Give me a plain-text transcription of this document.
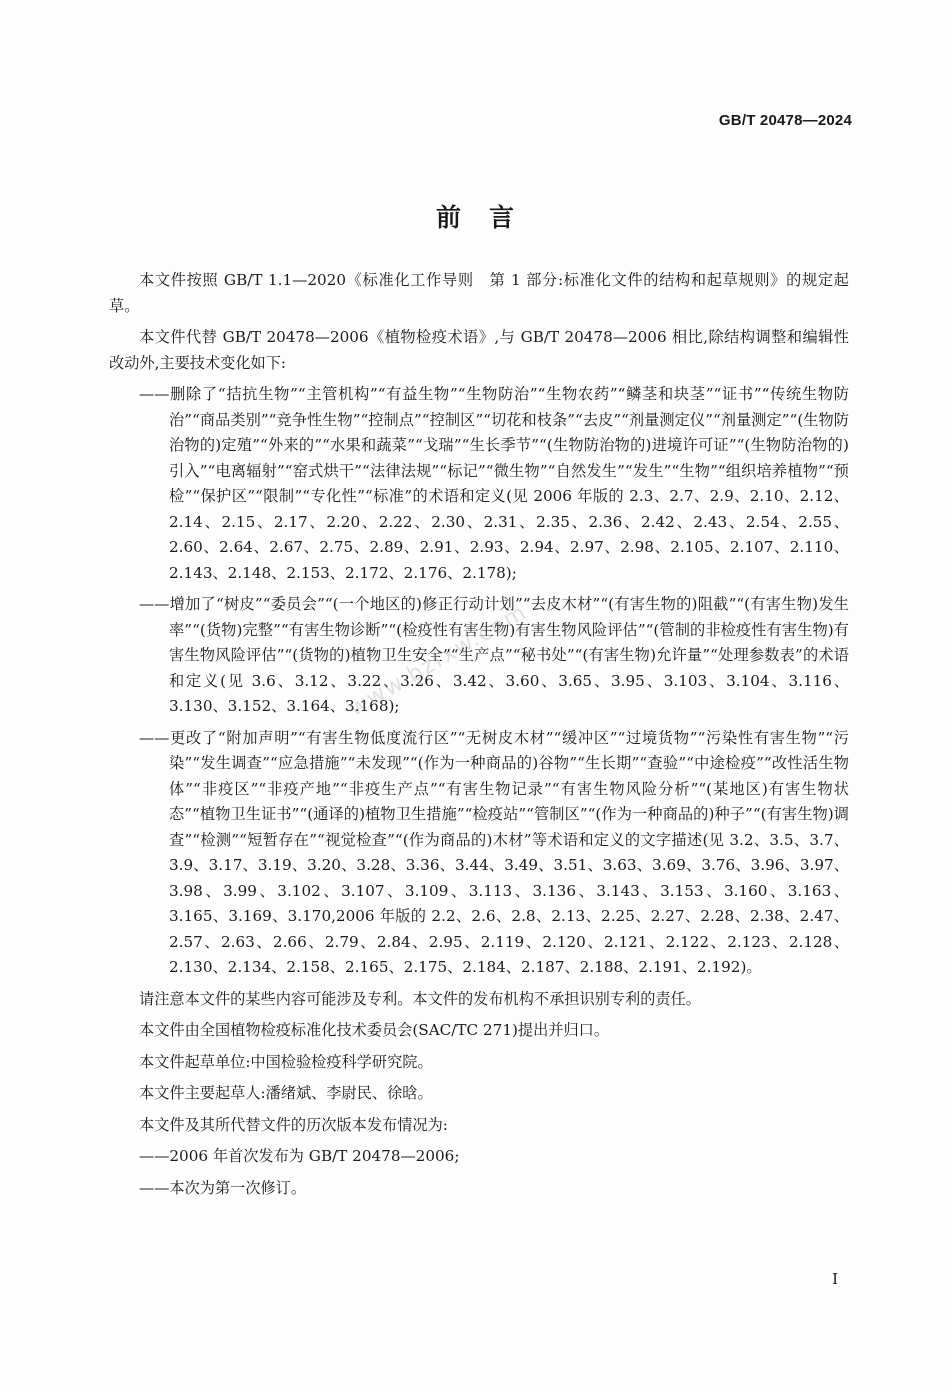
GB/T 20478—2024
前言

本文件按照 GB/T 1.1—2020《标准化工作导则　第 1 部分:标准化文件的结构和起草规则》的规定起草。

本文件代替 GB/T 20478—2006《植物检疫术语》,与 GB/T 20478—2006 相比,除结构调整和编辑性改动外,主要技术变化如下:

——删除了“拮抗生物”“主管机构”“有益生物”“生物防治”“生物农药”“鳞茎和块茎”“证书”“传统生物防治”“商品类别”“竞争性生物”“控制点”“控制区”“切花和枝条”“去皮”“剂量测定仪”“剂量测定”“(生物防治物的)定殖”“外来的”“水果和蔬菜”“戈瑞”“生长季节”“(生物防治物的)进境许可证”“(生物防治物的)引入”“电离辐射”“窑式烘干”“法律法规”“标记”“微生物”“自然发生”“发生”“生物”“组织培养植物”“预检”“保护区”“限制”“专化性”“标准”的术语和定义(见 2006 年版的 2.3、2.7、2.9、2.10、2.12、2.14、2.15、2.17、2.20、2.22、2.30、2.31、2.35、2.36、2.42、2.43、2.54、2.55、2.60、2.64、2.67、2.75、2.89、2.91、2.93、2.94、2.97、2.98、2.105、2.107、2.110、2.143、2.148、2.153、2.172、2.176、2.178);

——增加了“树皮”“委员会”“(一个地区的)修正行动计划”“去皮木材”“(有害生物的)阻截”“(有害生物)发生率”“(货物)完整”“有害生物诊断”“(检疫性有害生物)有害生物风险评估”“(管制的非检疫性有害生物)有害生物风险评估”“(货物的)植物卫生安全”“生产点”“秘书处”“(有害生物)允许量”“处理参数表”的术语和定义(见 3.6、3.12、3.22、3.26、3.42、3.60、3.65、3.95、3.103、3.104、3.116、3.130、3.152、3.164、3.168);

——更改了“附加声明”“有害生物低度流行区”“无树皮木材”“缓冲区”“过境货物”“污染性有害生物”“污染”“发生调查”“应急措施”“未发现”“(作为一种商品的)谷物”“生长期”“查验”“中途检疫”“改性活生物体”“非疫区”“非疫产地”“非疫生产点”“有害生物记录”“有害生物风险分析”“(某地区)有害生物状态”“植物卫生证书”“(通译的)植物卫生措施”“检疫站”“管制区”“(作为一种商品的)种子”“(有害生物)调查”“检测”“短暂存在”“视觉检查”“(作为商品的)木材”等术语和定义的文字描述(见 3.2、3.5、3.7、3.9、3.17、3.19、3.20、3.28、3.36、3.44、3.49、3.51、3.63、3.69、3.76、3.96、3.97、3.98、3.99、3.102、3.107、3.109、3.113、3.136、3.143、3.153、3.160、3.163、3.165、3.169、3.170,2006 年版的 2.2、2.6、2.8、2.13、2.25、2.27、2.28、2.38、2.47、2.57、2.63、2.66、2.79、2.84、2.95、2.119、2.120、2.121、2.122、2.123、2.128、2.130、2.134、2.158、2.165、2.175、2.184、2.187、2.188、2.191、2.192)。

请注意本文件的某些内容可能涉及专利。本文件的发布机构不承担识别专利的责任。

本文件由全国植物检疫标准化技术委员会(SAC/TC 271)提出并归口。

本文件起草单位:中国检验检疫科学研究院。

本文件主要起草人:潘绪斌、李尉民、徐晗。

本文件及其所代替文件的历次版本发布情况为:

——2006 年首次发布为 GB/T 20478—2006;

——本次为第一次修订。

www.bzfxw.com
I
